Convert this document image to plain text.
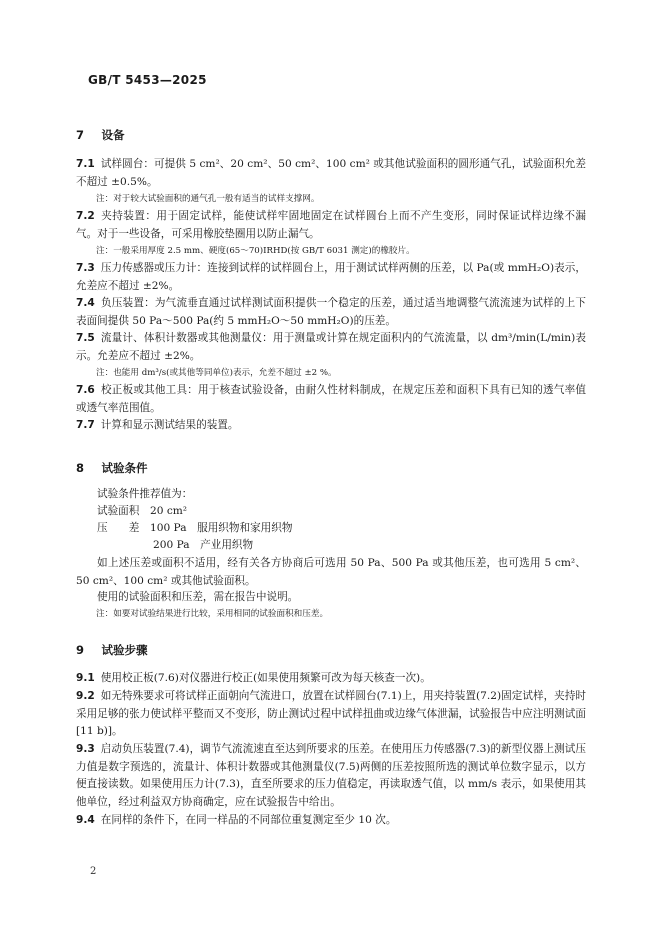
GB/T 5453—2025
7　 设备
7.1 试样圆台：可提供 5 cm²、20 cm²、50 cm²、100 cm² 或其他试验面积的圆形通气孔，试验面积允差不超过 ±0.5%。
注：对于较大试验面积的通气孔一般有适当的试样支撑网。
7.2 夹持装置：用于固定试样，能使试样牢固地固定在试样圆台上而不产生变形，同时保证试样边缘不漏气。对于一些设备，可采用橡胶垫圈用以防止漏气。
注：一般采用厚度 2.5 mm、硬度(65～70)IRHD(按 GB/T 6031 测定)的橡胶片。
7.3 压力传感器或压力计：连接到试样的试样圆台上，用于测试试样两侧的压差，以 Pa(或 mmH₂O)表示，允差应不超过 ±2%。
7.4 负压装置：为气流垂直通过试样测试面积提供一个稳定的压差，通过适当地调整气流流速为试样的上下表面间提供 50 Pa～500 Pa(约 5 mmH₂O～50 mmH₂O)的压差。
7.5 流量计、体积计数器或其他测量仪：用于测量或计算在规定面积内的气流流量，以 dm³/min(L/min)表示。允差应不超过 ±2%。
注：也能用 dm³/s(或其他等同单位)表示，允差不超过 ±2 %。
7.6 校正板或其他工具：用于核查试验设备，由耐久性材料制成，在规定压差和面积下具有已知的透气率值或透气率范围值。
7.7 计算和显示测试结果的装置。
8　 试验条件
试验条件推荐值为：
试验面积　 20 cm²
压　　差　 100 Pa　 服用织物和家用织物
200 Pa　 产业用织物
如上述压差或面积不适用，经有关各方协商后可选用 50 Pa、500 Pa 或其他压差，也可选用 5 cm²、50 cm²、100 cm² 或其他试验面积。
使用的试验面积和压差，需在报告中说明。
注：如要对试验结果进行比较，采用相同的试验面积和压差。
9　 试验步骤
9.1 使用校正板(7.6)对仪器进行校正(如果使用频繁可改为每天核查一次)。
9.2 如无特殊要求可将试样正面朝向气流进口，放置在试样圆台(7.1)上，用夹持装置(7.2)固定试样，夹持时采用足够的张力使试样平整而又不变形，防止测试过程中试样扭曲或边缘气体泄漏，试验报告中应注明测试面[11 b)]。
9.3 启动负压装置(7.4)，调节气流流速直至达到所要求的压差。在使用压力传感器(7.3)的新型仪器上测试压力值是数字预选的，流量计、体积计数器或其他测量仪(7.5)两侧的压差按照所选的测试单位数字显示，以方便直接读数。如果使用压力计(7.3)，直至所要求的压力值稳定，再读取透气值，以 mm/s 表示，如果使用其他单位，经过利益双方协商确定，应在试验报告中给出。
9.4 在同样的条件下，在同一样品的不同部位重复测定至少 10 次。
2
